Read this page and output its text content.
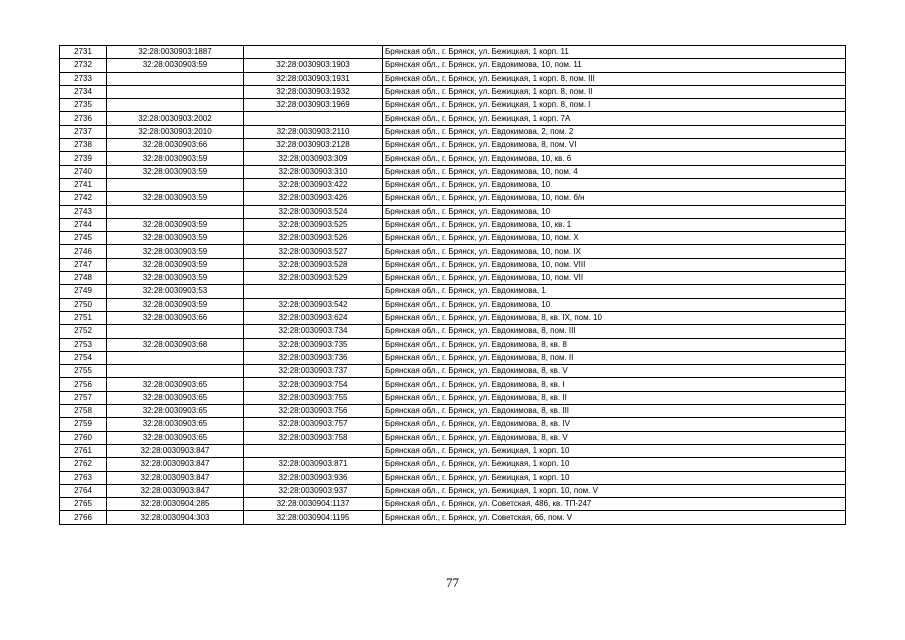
2731	32:28:0030903:1887		Брянская обл., г. Брянск, ул. Бежицкая, 1 корп. 11
2732	32:28:0030903:59	32:28:0030903:1903	Брянская обл., г. Брянск, ул. Евдокимова, 10, пом. 11
2733		32:28:0030903:1931	Брянская обл., г. Брянск, ул. Бежицкая, 1 корп. 8, пом. III
2734		32:28:0030903:1932	Брянская обл., г. Брянск, ул. Бежицкая, 1 корп. 8, пом. II
2735		32:28:0030903:1969	Брянская обл., г. Брянск, ул. Бежицкая, 1 корп. 8, пом. I
2736	32:28:0030903:2002		Брянская обл., г. Брянск, ул. Бежицкая, 1 корп. 7А
2737	32:28:0030903:2010	32:28:0030903:2110	Брянская обл., г. Брянск, ул. Евдокимова, 2, пом. 2
2738	32:28:0030903:66	32:28:0030903:2128	Брянская обл., г. Брянск, ул. Евдокимова, 8, пом. VI
2739	32:28:0030903:59	32:28:0030903:309	Брянская обл., г. Брянск, ул. Евдокимова, 10, кв. 6
2740	32:28:0030903:59	32:28:0030903:310	Брянская обл., г. Брянск, ул. Евдокимова, 10, пом. 4
2741		32:28:0030903:422	Брянская обл., г. Брянск, ул. Евдокимова, 10
2742	32:28:0030903:59	32:28:0030903:426	Брянская обл., г. Брянск, ул. Евдокимова, 10, пом. б/н
2743		32:28:0030903:524	Брянская обл., г. Брянск, ул. Евдокимова, 10
2744	32:28:0030903:59	32:28:0030903:525	Брянская обл., г. Брянск, ул. Евдокимова, 10, кв. 1
2745	32:28:0030903:59	32:28:0030903:526	Брянская обл., г. Брянск, ул. Евдокимова, 10, пом. X
2746	32:28:0030903:59	32:28:0030903:527	Брянская обл., г. Брянск, ул. Евдокимова, 10, пом. IX
2747	32:28:0030903:59	32:28:0030903:528	Брянская обл., г. Брянск, ул. Евдокимова, 10, пом. VIII
2748	32:28:0030903:59	32:28:0030903:529	Брянская обл., г. Брянск, ул. Евдокимова, 10, пом. VII
2749	32:28:0030903:53		Брянская обл., г. Брянск, ул. Евдокимова, 1
2750	32:28:0030903:59	32:28:0030903:542	Брянская обл., г. Брянск, ул. Евдокимова, 10
2751	32:28:0030903:66	32:28:0030903:624	Брянская обл., г. Брянск, ул. Евдокимова, 8, кв. IX, пом. 10
2752		32:28:0030903:734	Брянская обл., г. Брянск, ул. Евдокимова, 8, пом. III
2753	32:28:0030903:68	32:28:0030903:735	Брянская обл., г. Брянск, ул. Евдокимова, 8, кв. 8
2754		32:28:0030903:736	Брянская обл., г. Брянск, ул. Евдокимова, 8, пом. II
2755		32:28:0030903:737	Брянская обл., г. Брянск, ул. Евдокимова, 8, кв. V
2756	32:28:0030903:65	32:28:0030903:754	Брянская обл., г. Брянск, ул. Евдокимова, 8, кв. I
2757	32:28:0030903:65	32:28:0030903:755	Брянская обл., г. Брянск, ул. Евдокимова, 8, кв. II
2758	32:28:0030903:65	32:28:0030903:756	Брянская обл., г. Брянск, ул. Евдокимова, 8, кв. III
2759	32:28:0030903:65	32:28:0030903:757	Брянская обл., г. Брянск, ул. Евдокимова, 8, кв. IV
2760	32:28:0030903:65	32:28:0030903:758	Брянская обл., г. Брянск, ул. Евдокимова, 8, кв. V
2761	32:28:0030903:847		Брянская обл., г. Брянск, ул. Бежицкая, 1 корп. 10
2762	32:28:0030903:847	32:28:0030903:871	Брянская обл., г. Брянск, ул. Бежицкая, 1 корп. 10
2763	32:28:0030903:847	32:28:0030903:936	Брянская обл., г. Брянск, ул. Бежицкая, 1 корп. 10
2764	32:28:0030903:847	32:28:0030903:937	Брянская обл., г. Брянск, ул. Бежицкая, 1 корп. 10, пом. V
2765	32:28:0030904:285	32:28:0030904:1137	Брянская обл., г. Брянск, ул. Советская, 486, кв. ТП-247
2766	32:28:0030904:303	32:28:0030904:1195	Брянская обл., г. Брянск, ул. Советская, 66, пом. V
77
